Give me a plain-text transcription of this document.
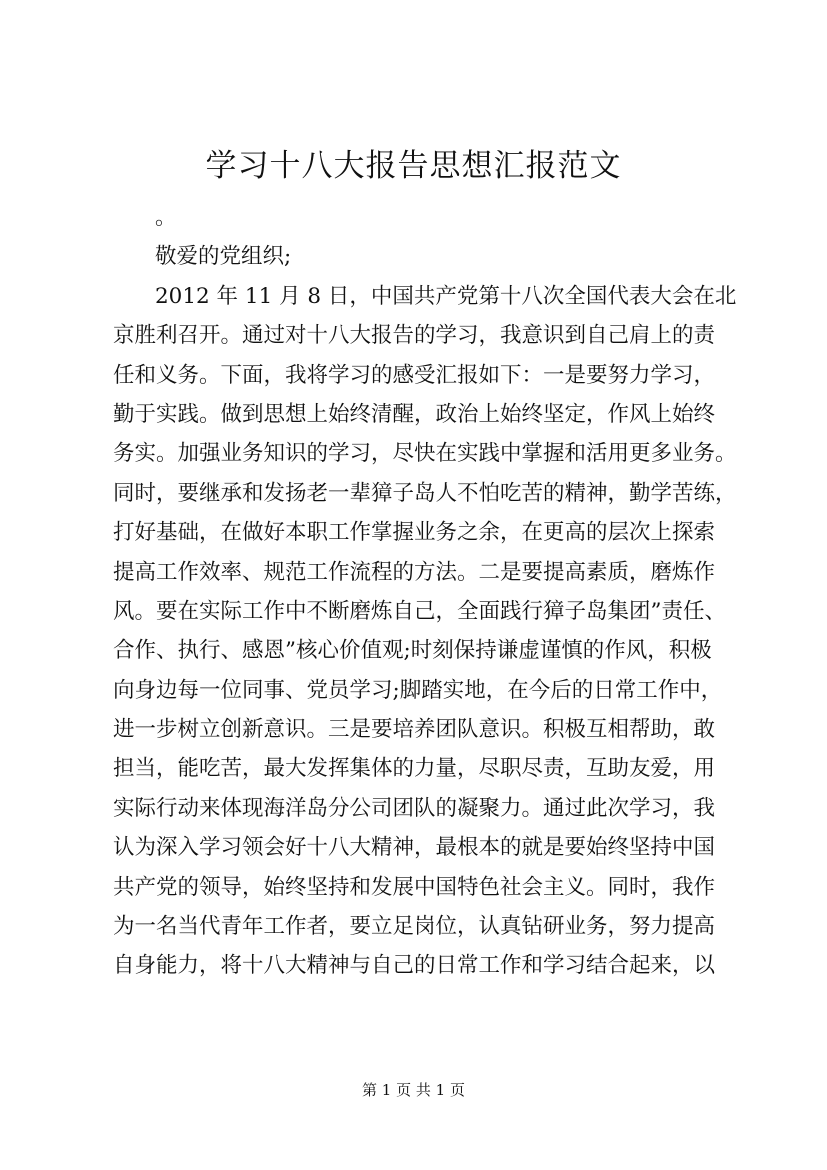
学习十八大报告思想汇报范文
。
敬爱的党组织;
2012 年 11 月 8 日，中国共产党第十八次全国代表大会在北
京胜利召开。通过对十八大报告的学习，我意识到自己肩上的责
任和义务。下面，我将学习的感受汇报如下：一是要努力学习，
勤于实践。做到思想上始终清醒，政治上始终坚定，作风上始终
务实。加强业务知识的学习，尽快在实践中掌握和活用更多业务。
同时，要继承和发扬老一辈獐子岛人不怕吃苦的精神，勤学苦练，
打好基础，在做好本职工作掌握业务之余，在更高的层次上探索
提高工作效率、规范工作流程的方法。二是要提高素质，磨炼作
风。要在实际工作中不断磨炼自己，全面践行獐子岛集团”责任、
合作、执行、感恩”核心价值观;时刻保持谦虚谨慎的作风，积极
向身边每一位同事、党员学习;脚踏实地，在今后的日常工作中，
进一步树立创新意识。三是要培养团队意识。积极互相帮助，敢
担当，能吃苦，最大发挥集体的力量，尽职尽责，互助友爱，用
实际行动来体现海洋岛分公司团队的凝聚力。通过此次学习，我
认为深入学习领会好十八大精神，最根本的就是要始终坚持中国
共产党的领导，始终坚持和发展中国特色社会主义。同时，我作
为一名当代青年工作者，要立足岗位，认真钻研业务，努力提高
自身能力，将十八大精神与自己的日常工作和学习结合起来，以
第 1 页 共 1 页
